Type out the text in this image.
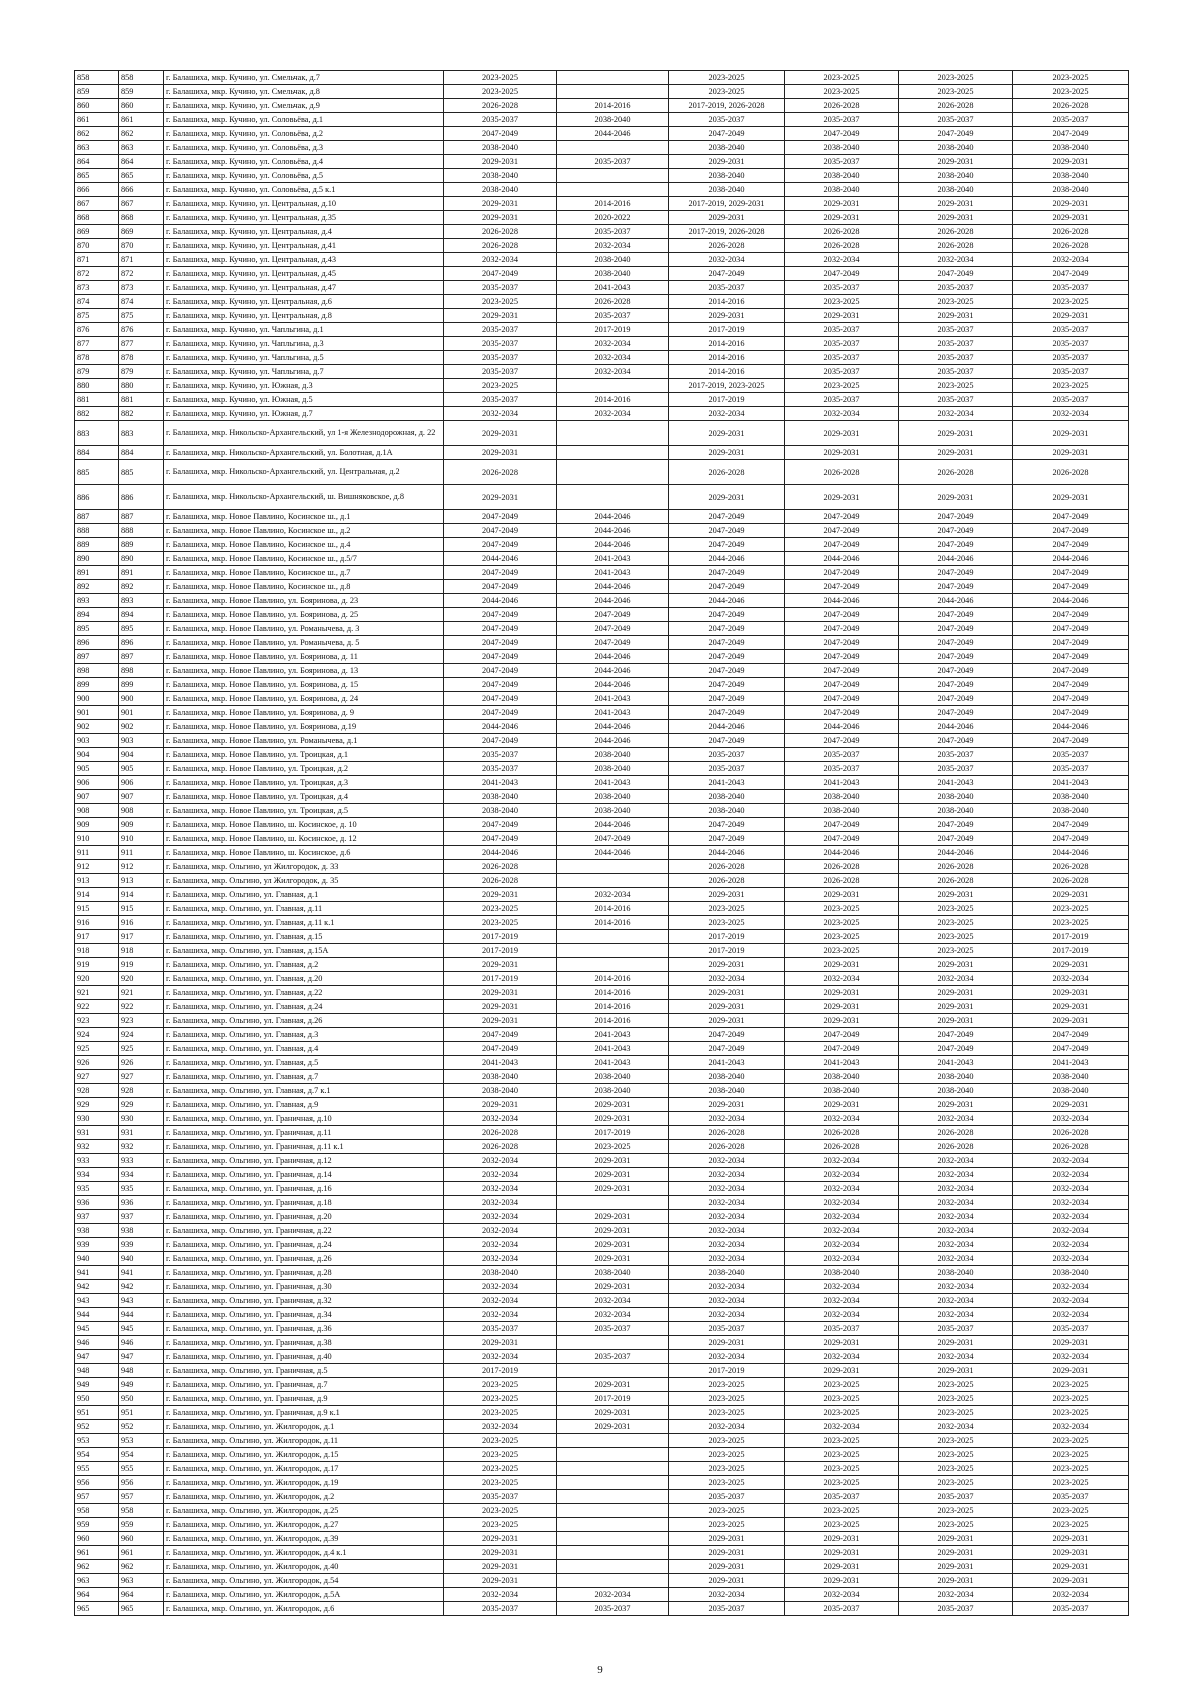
858	858	г. Балашиха, мкр. Кучино, ул. Смельчак, д.7	2023-2025		2023-2025	2023-2025	2023-2025	2023-2025
859	859	г. Балашиха, мкр. Кучино, ул. Смельчак, д.8	2023-2025		2023-2025	2023-2025	2023-2025	2023-2025
860	860	г. Балашиха, мкр. Кучино, ул. Смельчак, д.9	2026-2028	2014-2016	2017-2019, 2026-2028	2026-2028	2026-2028	2026-2028
861	861	г. Балашиха, мкр. Кучино, ул. Соловьёва, д.1	2035-2037	2038-2040	2035-2037	2035-2037	2035-2037	2035-2037
862	862	г. Балашиха, мкр. Кучино, ул. Соловьёва, д.2	2047-2049	2044-2046	2047-2049	2047-2049	2047-2049	2047-2049
863	863	г. Балашиха, мкр. Кучино, ул. Соловьёва, д.3	2038-2040		2038-2040	2038-2040	2038-2040	2038-2040
864	864	г. Балашиха, мкр. Кучино, ул. Соловьёва, д.4	2029-2031	2035-2037	2029-2031	2035-2037	2029-2031	2029-2031
865	865	г. Балашиха, мкр. Кучино, ул. Соловьёва, д.5	2038-2040		2038-2040	2038-2040	2038-2040	2038-2040
866	866	г. Балашиха, мкр. Кучино, ул. Соловьёва, д.5 к.1	2038-2040		2038-2040	2038-2040	2038-2040	2038-2040
867	867	г. Балашиха, мкр. Кучино, ул. Центральная, д.10	2029-2031	2014-2016	2017-2019, 2029-2031	2029-2031	2029-2031	2029-2031
868	868	г. Балашиха, мкр. Кучино, ул. Центральная, д.35	2029-2031	2020-2022	2029-2031	2029-2031	2029-2031	2029-2031
869	869	г. Балашиха, мкр. Кучино, ул. Центральная, д.4	2026-2028	2035-2037	2017-2019, 2026-2028	2026-2028	2026-2028	2026-2028
870	870	г. Балашиха, мкр. Кучино, ул. Центральная, д.41	2026-2028	2032-2034	2026-2028	2026-2028	2026-2028	2026-2028
871	871	г. Балашиха, мкр. Кучино, ул. Центральная, д.43	2032-2034	2038-2040	2032-2034	2032-2034	2032-2034	2032-2034
872	872	г. Балашиха, мкр. Кучино, ул. Центральная, д.45	2047-2049	2038-2040	2047-2049	2047-2049	2047-2049	2047-2049
873	873	г. Балашиха, мкр. Кучино, ул. Центральная, д.47	2035-2037	2041-2043	2035-2037	2035-2037	2035-2037	2035-2037
874	874	г. Балашиха, мкр. Кучино, ул. Центральная, д.6	2023-2025	2026-2028	2014-2016	2023-2025	2023-2025	2023-2025
875	875	г. Балашиха, мкр. Кучино, ул. Центральная, д.8	2029-2031	2035-2037	2029-2031	2029-2031	2029-2031	2029-2031
876	876	г. Балашиха, мкр. Кучино, ул. Чапльгина, д.1	2035-2037	2017-2019	2017-2019	2035-2037	2035-2037	2035-2037
877	877	г. Балашиха, мкр. Кучино, ул. Чапльгина, д.3	2035-2037	2032-2034	2014-2016	2035-2037	2035-2037	2035-2037
878	878	г. Балашиха, мкр. Кучино, ул. Чапльгина, д.5	2035-2037	2032-2034	2014-2016	2035-2037	2035-2037	2035-2037
879	879	г. Балашиха, мкр. Кучино, ул. Чапльгина, д.7	2035-2037	2032-2034	2014-2016	2035-2037	2035-2037	2035-2037
880	880	г. Балашиха, мкр. Кучино, ул. Южная, д.3	2023-2025		2017-2019, 2023-2025	2023-2025	2023-2025	2023-2025
881	881	г. Балашиха, мкр. Кучино, ул. Южная, д.5	2035-2037	2014-2016	2017-2019	2035-2037	2035-2037	2035-2037
882	882	г. Балашиха, мкр. Кучино, ул. Южная, д.7	2032-2034	2032-2034	2032-2034	2032-2034	2032-2034	2032-2034
883	883	г. Балашиха, мкр. Никольско-Архангельский, ул 1-я Железнодорожная, д. 22	2029-2031		2029-2031	2029-2031	2029-2031	2029-2031
884	884	г. Балашиха, мкр. Никольско-Архангельский, ул. Болотная, д.1А	2029-2031		2029-2031	2029-2031	2029-2031	2029-2031
885	885	г. Балашиха, мкр. Никольско-Архангельский, ул. Центральная, д.2	2026-2028		2026-2028	2026-2028	2026-2028	2026-2028
886	886	г. Балашиха, мкр. Никольско-Архангельский, ш. Вишняковское, д.8	2029-2031		2029-2031	2029-2031	2029-2031	2029-2031
887	887	г. Балашиха, мкр. Новое Павлино, Косинское ш., д.1	2047-2049	2044-2046	2047-2049	2047-2049	2047-2049	2047-2049
888	888	г. Балашиха, мкр. Новое Павлино, Косинское ш., д.2	2047-2049	2044-2046	2047-2049	2047-2049	2047-2049	2047-2049
889	889	г. Балашиха, мкр. Новое Павлино, Косинское ш., д.4	2047-2049	2044-2046	2047-2049	2047-2049	2047-2049	2047-2049
890	890	г. Балашиха, мкр. Новое Павлино, Косинское ш., д.5/7	2044-2046	2041-2043	2044-2046	2044-2046	2044-2046	2044-2046
891	891	г. Балашиха, мкр. Новое Павлино, Косинское ш., д.7	2047-2049	2041-2043	2047-2049	2047-2049	2047-2049	2047-2049
892	892	г. Балашиха, мкр. Новое Павлино, Косинское ш., д.8	2047-2049	2044-2046	2047-2049	2047-2049	2047-2049	2047-2049
893	893	г. Балашиха, мкр. Новое Павлино, ул. Бояринова, д. 23	2044-2046	2044-2046	2044-2046	2044-2046	2044-2046	2044-2046
894	894	г. Балашиха, мкр. Новое Павлино, ул. Бояринова, д. 25	2047-2049	2047-2049	2047-2049	2047-2049	2047-2049	2047-2049
895	895	г. Балашиха, мкр. Новое Павлино, ул. Романычева, д. 3	2047-2049	2047-2049	2047-2049	2047-2049	2047-2049	2047-2049
896	896	г. Балашиха, мкр. Новое Павлино, ул. Романычева, д. 5	2047-2049	2047-2049	2047-2049	2047-2049	2047-2049	2047-2049
897	897	г. Балашиха, мкр. Новое Павлино, ул. Бояринова, д. 11	2047-2049	2044-2046	2047-2049	2047-2049	2047-2049	2047-2049
898	898	г. Балашиха, мкр. Новое Павлино, ул. Бояринова, д. 13	2047-2049	2044-2046	2047-2049	2047-2049	2047-2049	2047-2049
899	899	г. Балашиха, мкр. Новое Павлино, ул. Бояринова, д. 15	2047-2049	2044-2046	2047-2049	2047-2049	2047-2049	2047-2049
900	900	г. Балашиха, мкр. Новое Павлино, ул. Бояринова, д. 24	2047-2049	2041-2043	2047-2049	2047-2049	2047-2049	2047-2049
901	901	г. Балашиха, мкр. Новое Павлино, ул. Бояринова, д. 9	2047-2049	2041-2043	2047-2049	2047-2049	2047-2049	2047-2049
902	902	г. Балашиха, мкр. Новое Павлино, ул. Бояринова, д.19	2044-2046	2044-2046	2044-2046	2044-2046	2044-2046	2044-2046
903	903	г. Балашиха, мкр. Новое Павлино, ул. Романычева, д.1	2047-2049	2044-2046	2047-2049	2047-2049	2047-2049	2047-2049
904	904	г. Балашиха, мкр. Новое Павлино, ул. Троицкая, д.1	2035-2037	2038-2040	2035-2037	2035-2037	2035-2037	2035-2037
905	905	г. Балашиха, мкр. Новое Павлино, ул. Троицкая, д.2	2035-2037	2038-2040	2035-2037	2035-2037	2035-2037	2035-2037
906	906	г. Балашиха, мкр. Новое Павлино, ул. Троицкая, д.3	2041-2043	2041-2043	2041-2043	2041-2043	2041-2043	2041-2043
907	907	г. Балашиха, мкр. Новое Павлино, ул. Троицкая, д.4	2038-2040	2038-2040	2038-2040	2038-2040	2038-2040	2038-2040
908	908	г. Балашиха, мкр. Новое Павлино, ул. Троицкая, д.5	2038-2040	2038-2040	2038-2040	2038-2040	2038-2040	2038-2040
909	909	г. Балашиха, мкр. Новое Павлино, ш. Косинское, д. 10	2047-2049	2044-2046	2047-2049	2047-2049	2047-2049	2047-2049
910	910	г. Балашиха, мкр. Новое Павлино, ш. Косинское, д. 12	2047-2049	2047-2049	2047-2049	2047-2049	2047-2049	2047-2049
911	911	г. Балашиха, мкр. Новое Павлино, ш. Косинское, д.6	2044-2046	2044-2046	2044-2046	2044-2046	2044-2046	2044-2046
912	912	г. Балашиха, мкр. Ольгино, ул Жилгородок, д. 33	2026-2028		2026-2028	2026-2028	2026-2028	2026-2028
913	913	г. Балашиха, мкр. Ольгино, ул Жилгородок, д. 35	2026-2028		2026-2028	2026-2028	2026-2028	2026-2028
914	914	г. Балашиха, мкр. Ольгино, ул. Главная, д.1	2029-2031	2032-2034	2029-2031	2029-2031	2029-2031	2029-2031
915	915	г. Балашиха, мкр. Ольгино, ул. Главная, д.11	2023-2025	2014-2016	2023-2025	2023-2025	2023-2025	2023-2025
916	916	г. Балашиха, мкр. Ольгино, ул. Главная, д.11 к.1	2023-2025	2014-2016	2023-2025	2023-2025	2023-2025	2023-2025
917	917	г. Балашиха, мкр. Ольгино, ул. Главная, д.15	2017-2019		2017-2019	2023-2025	2023-2025	2017-2019
918	918	г. Балашиха, мкр. Ольгино, ул. Главная, д.15А	2017-2019		2017-2019	2023-2025	2023-2025	2017-2019
919	919	г. Балашиха, мкр. Ольгино, ул. Главная, д.2	2029-2031		2029-2031	2029-2031	2029-2031	2029-2031
920	920	г. Балашиха, мкр. Ольгино, ул. Главная, д.20	2017-2019	2014-2016	2032-2034	2032-2034	2032-2034	2032-2034
921	921	г. Балашиха, мкр. Ольгино, ул. Главная, д.22	2029-2031	2014-2016	2029-2031	2029-2031	2029-2031	2029-2031
922	922	г. Балашиха, мкр. Ольгино, ул. Главная, д.24	2029-2031	2014-2016	2029-2031	2029-2031	2029-2031	2029-2031
923	923	г. Балашиха, мкр. Ольгино, ул. Главная, д.26	2029-2031	2014-2016	2029-2031	2029-2031	2029-2031	2029-2031
924	924	г. Балашиха, мкр. Ольгино, ул. Главная, д.3	2047-2049	2041-2043	2047-2049	2047-2049	2047-2049	2047-2049
925	925	г. Балашиха, мкр. Ольгино, ул. Главная, д.4	2047-2049	2041-2043	2047-2049	2047-2049	2047-2049	2047-2049
926	926	г. Балашиха, мкр. Ольгино, ул. Главная, д.5	2041-2043	2041-2043	2041-2043	2041-2043	2041-2043	2041-2043
927	927	г. Балашиха, мкр. Ольгино, ул. Главная, д.7	2038-2040	2038-2040	2038-2040	2038-2040	2038-2040	2038-2040
928	928	г. Балашиха, мкр. Ольгино, ул. Главная, д.7 к.1	2038-2040	2038-2040	2038-2040	2038-2040	2038-2040	2038-2040
929	929	г. Балашиха, мкр. Ольгино, ул. Главная, д.9	2029-2031	2029-2031	2029-2031	2029-2031	2029-2031	2029-2031
930	930	г. Балашиха, мкр. Ольгино, ул. Граничная, д.10	2032-2034	2029-2031	2032-2034	2032-2034	2032-2034	2032-2034
931	931	г. Балашиха, мкр. Ольгино, ул. Граничная, д.11	2026-2028	2017-2019	2026-2028	2026-2028	2026-2028	2026-2028
932	932	г. Балашиха, мкр. Ольгино, ул. Граничная, д.11 к.1	2026-2028	2023-2025	2026-2028	2026-2028	2026-2028	2026-2028
933	933	г. Балашиха, мкр. Ольгино, ул. Граничная, д.12	2032-2034	2029-2031	2032-2034	2032-2034	2032-2034	2032-2034
934	934	г. Балашиха, мкр. Ольгино, ул. Граничная, д.14	2032-2034	2029-2031	2032-2034	2032-2034	2032-2034	2032-2034
935	935	г. Балашиха, мкр. Ольгино, ул. Граничная, д.16	2032-2034	2029-2031	2032-2034	2032-2034	2032-2034	2032-2034
936	936	г. Балашиха, мкр. Ольгино, ул. Граничная, д.18	2032-2034		2032-2034	2032-2034	2032-2034	2032-2034
937	937	г. Балашиха, мкр. Ольгино, ул. Граничная, д.20	2032-2034	2029-2031	2032-2034	2032-2034	2032-2034	2032-2034
938	938	г. Балашиха, мкр. Ольгино, ул. Граничная, д.22	2032-2034	2029-2031	2032-2034	2032-2034	2032-2034	2032-2034
939	939	г. Балашиха, мкр. Ольгино, ул. Граничная, д.24	2032-2034	2029-2031	2032-2034	2032-2034	2032-2034	2032-2034
940	940	г. Балашиха, мкр. Ольгино, ул. Граничная, д.26	2032-2034	2029-2031	2032-2034	2032-2034	2032-2034	2032-2034
941	941	г. Балашиха, мкр. Ольгино, ул. Граничная, д.28	2038-2040	2038-2040	2038-2040	2038-2040	2038-2040	2038-2040
942	942	г. Балашиха, мкр. Ольгино, ул. Граничная, д.30	2032-2034	2029-2031	2032-2034	2032-2034	2032-2034	2032-2034
943	943	г. Балашиха, мкр. Ольгино, ул. Граничная, д.32	2032-2034	2032-2034	2032-2034	2032-2034	2032-2034	2032-2034
944	944	г. Балашиха, мкр. Ольгино, ул. Граничная, д.34	2032-2034	2032-2034	2032-2034	2032-2034	2032-2034	2032-2034
945	945	г. Балашиха, мкр. Ольгино, ул. Граничная, д.36	2035-2037	2035-2037	2035-2037	2035-2037	2035-2037	2035-2037
946	946	г. Балашиха, мкр. Ольгино, ул. Граничная, д.38	2029-2031		2029-2031	2029-2031	2029-2031	2029-2031
947	947	г. Балашиха, мкр. Ольгино, ул. Граничная, д.40	2032-2034	2035-2037	2032-2034	2032-2034	2032-2034	2032-2034
948	948	г. Балашиха, мкр. Ольгино, ул. Граничная, д.5	2017-2019		2017-2019	2029-2031	2029-2031	2029-2031
949	949	г. Балашиха, мкр. Ольгино, ул. Граничная, д.7	2023-2025	2029-2031	2023-2025	2023-2025	2023-2025	2023-2025
950	950	г. Балашиха, мкр. Ольгино, ул. Граничная, д.9	2023-2025	2017-2019	2023-2025	2023-2025	2023-2025	2023-2025
951	951	г. Балашиха, мкр. Ольгино, ул. Граничная, д.9 к.1	2023-2025	2029-2031	2023-2025	2023-2025	2023-2025	2023-2025
952	952	г. Балашиха, мкр. Ольгино, ул. Жилгородок, д.1	2032-2034	2029-2031	2032-2034	2032-2034	2032-2034	2032-2034
953	953	г. Балашиха, мкр. Ольгино, ул. Жилгородок, д.11	2023-2025		2023-2025	2023-2025	2023-2025	2023-2025
954	954	г. Балашиха, мкр. Ольгино, ул. Жилгородок, д.15	2023-2025		2023-2025	2023-2025	2023-2025	2023-2025
955	955	г. Балашиха, мкр. Ольгино, ул. Жилгородок, д.17	2023-2025		2023-2025	2023-2025	2023-2025	2023-2025
956	956	г. Балашиха, мкр. Ольгино, ул. Жилгородок, д.19	2023-2025		2023-2025	2023-2025	2023-2025	2023-2025
957	957	г. Балашиха, мкр. Ольгино, ул. Жилгородок, д.2	2035-2037		2035-2037	2035-2037	2035-2037	2035-2037
958	958	г. Балашиха, мкр. Ольгино, ул. Жилгородок, д.25	2023-2025		2023-2025	2023-2025	2023-2025	2023-2025
959	959	г. Балашиха, мкр. Ольгино, ул. Жилгородок, д.27	2023-2025		2023-2025	2023-2025	2023-2025	2023-2025
960	960	г. Балашиха, мкр. Ольгино, ул. Жилгородок, д.39	2029-2031		2029-2031	2029-2031	2029-2031	2029-2031
961	961	г. Балашиха, мкр. Ольгино, ул. Жилгородок, д.4 к.1	2029-2031		2029-2031	2029-2031	2029-2031	2029-2031
962	962	г. Балашиха, мкр. Ольгино, ул. Жилгородок, д.40	2029-2031		2029-2031	2029-2031	2029-2031	2029-2031
963	963	г. Балашиха, мкр. Ольгино, ул. Жилгородок, д.54	2029-2031		2029-2031	2029-2031	2029-2031	2029-2031
964	964	г. Балашиха, мкр. Ольгино, ул. Жилгородок, д.5А	2032-2034	2032-2034	2032-2034	2032-2034	2032-2034	2032-2034
965	965	г. Балашиха, мкр. Ольгино, ул. Жилгородок, д.6	2035-2037	2035-2037	2035-2037	2035-2037	2035-2037	2035-2037
9
